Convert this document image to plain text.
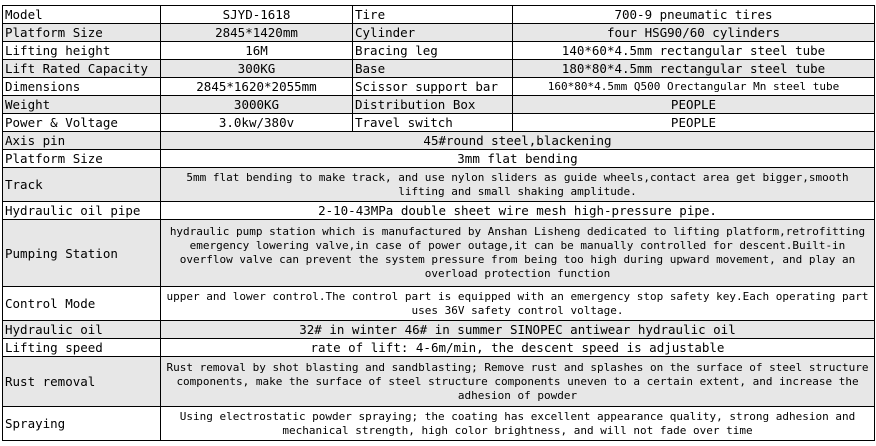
Model	SJYD-1618	Tire	700-9 pneumatic tires
Platform Size	2845*1420mm	Cylinder	four HSG90/60 cylinders
Lifting height	16M	Bracing leg	140*60*4.5mm rectangular steel tube
Lift Rated Capacity	300KG	Base	180*80*4.5mm rectangular steel tube
Dimensions	2845*1620*2055mm	Scissor support bar	160*80*4.5mm Q500 Orectangular Mn steel tube
Weight	3000KG	Distribution Box	PEOPLE
Power & Voltage	3.0kw/380v	Travel switch	PEOPLE
Axis pin	45#round steel,blackening		
Platform Size	3mm flat bending		
Track	5mm flat bending to make track, and use nylon sliders as guide wheels,contact area get bigger,smooth lifting and small shaking amplitude.		
Hydraulic oil pipe	2-10-43MPa double sheet wire mesh high-pressure pipe.		
Pumping Station	hydraulic pump station which is manufactured by Anshan Lisheng dedicated to lifting platform,retrofitting emergency lowering valve,in case of power outage,it can be manually controlled for descent.Built-in overflow valve can prevent the system pressure from being too high during upward movement, and play an overload protection function		
Control Mode	upper and lower control.The control part is equipped with an emergency stop safety key.Each operating part uses 36V safety control voltage.		
Hydraulic oil	32# in winter 46# in summer SINOPEC antiwear hydraulic oil		
Lifting speed	rate of lift: 4-6m/min, the descent speed is adjustable		
Rust removal	Rust removal by shot blasting and sandblasting; Remove rust and splashes on the surface of steel structure components, make the surface of steel structure components uneven to a certain extent, and increase the adhesion of powder		
Spraying	Using electrostatic powder spraying; the coating has excellent appearance quality, strong adhesion and mechanical strength, high color brightness, and will not fade over time		
